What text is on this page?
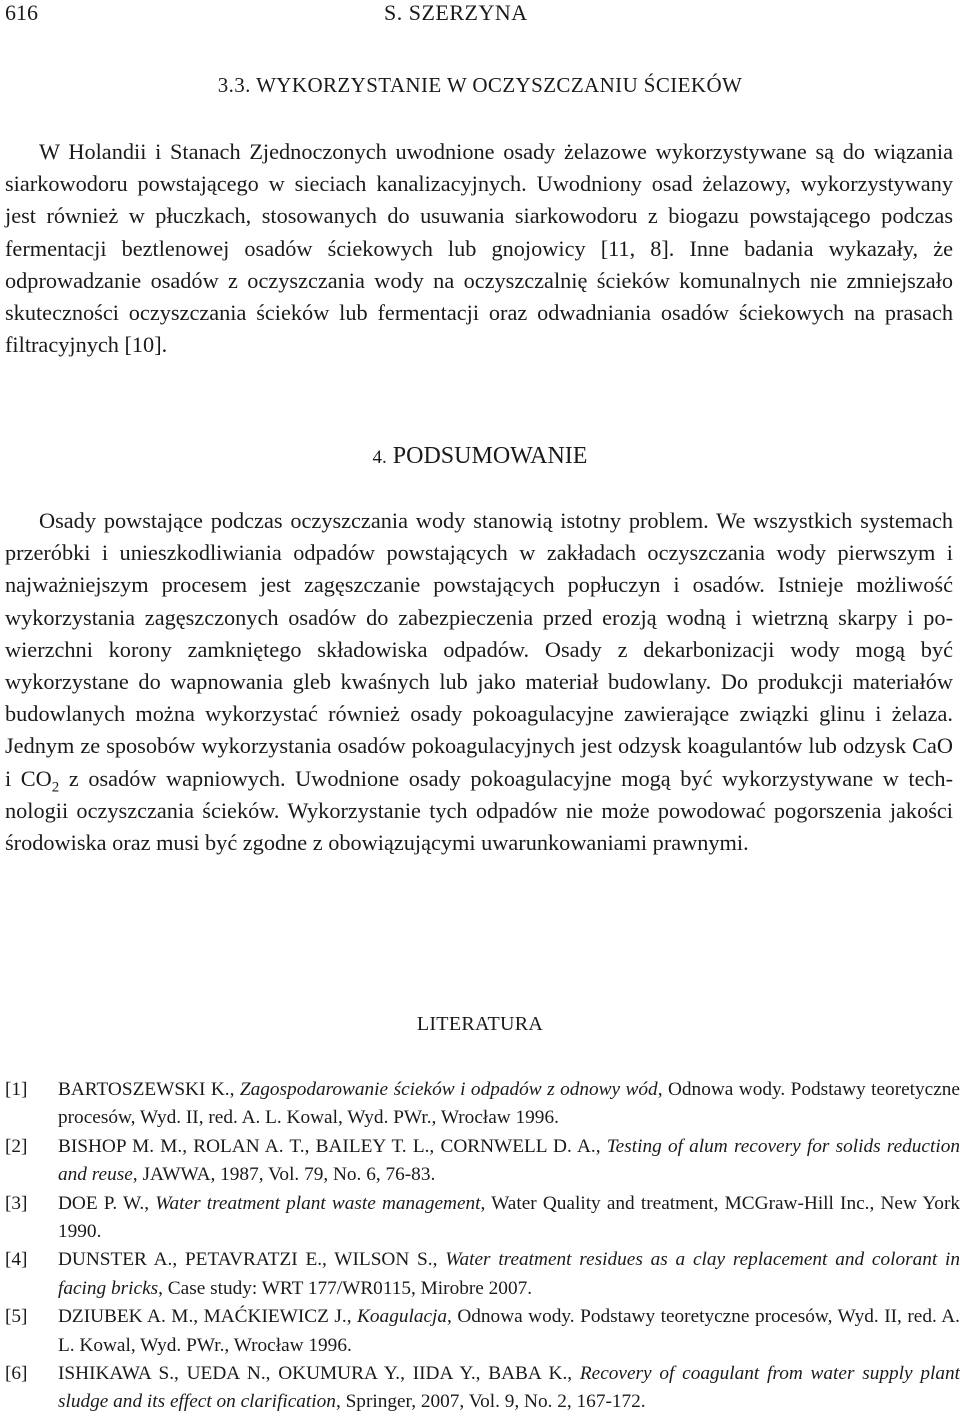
616	S. SZERZYNA
3.3. WYKORZYSTANIE W OCZYSZCZANIU ŚCIEKÓW
W Holandii i Stanach Zjednoczonych uwodnione osady żelazowe wykorzystywane są do wiązania siarkowodoru powstającego w sieciach kanalizacyjnych. Uwodniony osad żelazowy, wykorzystywany jest również w płuczkach, stosowanych do usuwania siarkowodoru z biogazu powstającego podczas fermentacji beztlenowej osadów ściekowych lub gnojowicy [11, 8]. Inne badania wykazały, że odprowadzanie osadów z oczyszczania wody na oczyszczalnię ścieków komunalnych nie zmniejszało skuteczności oczyszczania ścieków lub fermentacji oraz odwadniania osadów ściekowych na prasach filtracyjnych [10].
4. PODSUMOWANIE
Osady powstające podczas oczyszczania wody stanowią istotny problem. We wszystkich systemach przeróbki i unieszkodliwiania odpadów powstających w zakładach oczyszczania wody pierwszym i najważniejszym procesem jest zagęszczanie powstających popłuczyn i osadów. Istnieje możliwość wykorzystania zagęszczonych osadów do zabezpieczenia przed erozją wodną i wietrzną skarpy i powierzchni korony zamkniętego składowiska odpadów. Osady z dekarbonizacji wody mogą być wykorzystane do wapnowania gleb kwaśnych lub jako materiał budowlany. Do produkcji materiałów budowlanych można wykorzystać również osady pokoagulacyjne zawierające związki glinu i żelaza. Jednym ze sposobów wykorzystania osadów pokoagulacyjnych jest odzysk koagulantów lub odzysk CaO i $CO_2$ z osadów wapniowych. Uwodnione osady pokoagulacyjne mogą być wykorzystywane w technologii oczyszczania ścieków. Wykorzystanie tych odpadów nie może powodować pogorszenia jakości środowiska oraz musi być zgodne z obowiązującymi uwarunkowaniami prawnymi.
LITERATURA
[1] BARTOSZEWSKI K., Zagospodarowanie ścieków i odpadów z odnowy wód, Odnowa wody. Podstawy teoretyczne procesów, Wyd. II, red. A. L. Kowal, Wyd. PWr., Wrocław 1996.
[2] BISHOP M. M., ROLAN A. T., BAILEY T. L., CORNWELL D. A., Testing of alum recovery for solids reduction and reuse, JAWWA, 1987, Vol. 79, No. 6, 76-83.
[3] DOE P. W., Water treatment plant waste management, Water Quality and treatment, MCGraw-Hill Inc., New York 1990.
[4] DUNSTER A., PETAVRATZI E., WILSON S., Water treatment residues as a clay replacement and colorant in facing bricks, Case study: WRT 177/WR0115, Mirobre 2007.
[5] DZIUBEK A. M., MAĆKIEWICZ J., Koagulacja, Odnowa wody. Podstawy teoretyczne procesów, Wyd. II, red. A. L. Kowal, Wyd. PWr., Wrocław 1996.
[6] ISHIKAWA S., UEDA N., OKUMURA Y., IIDA Y., BABA K., Recovery of coagulant from water supply plant sludge and its effect on clarification, Springer, 2007, Vol. 9, No. 2, 167-172.
